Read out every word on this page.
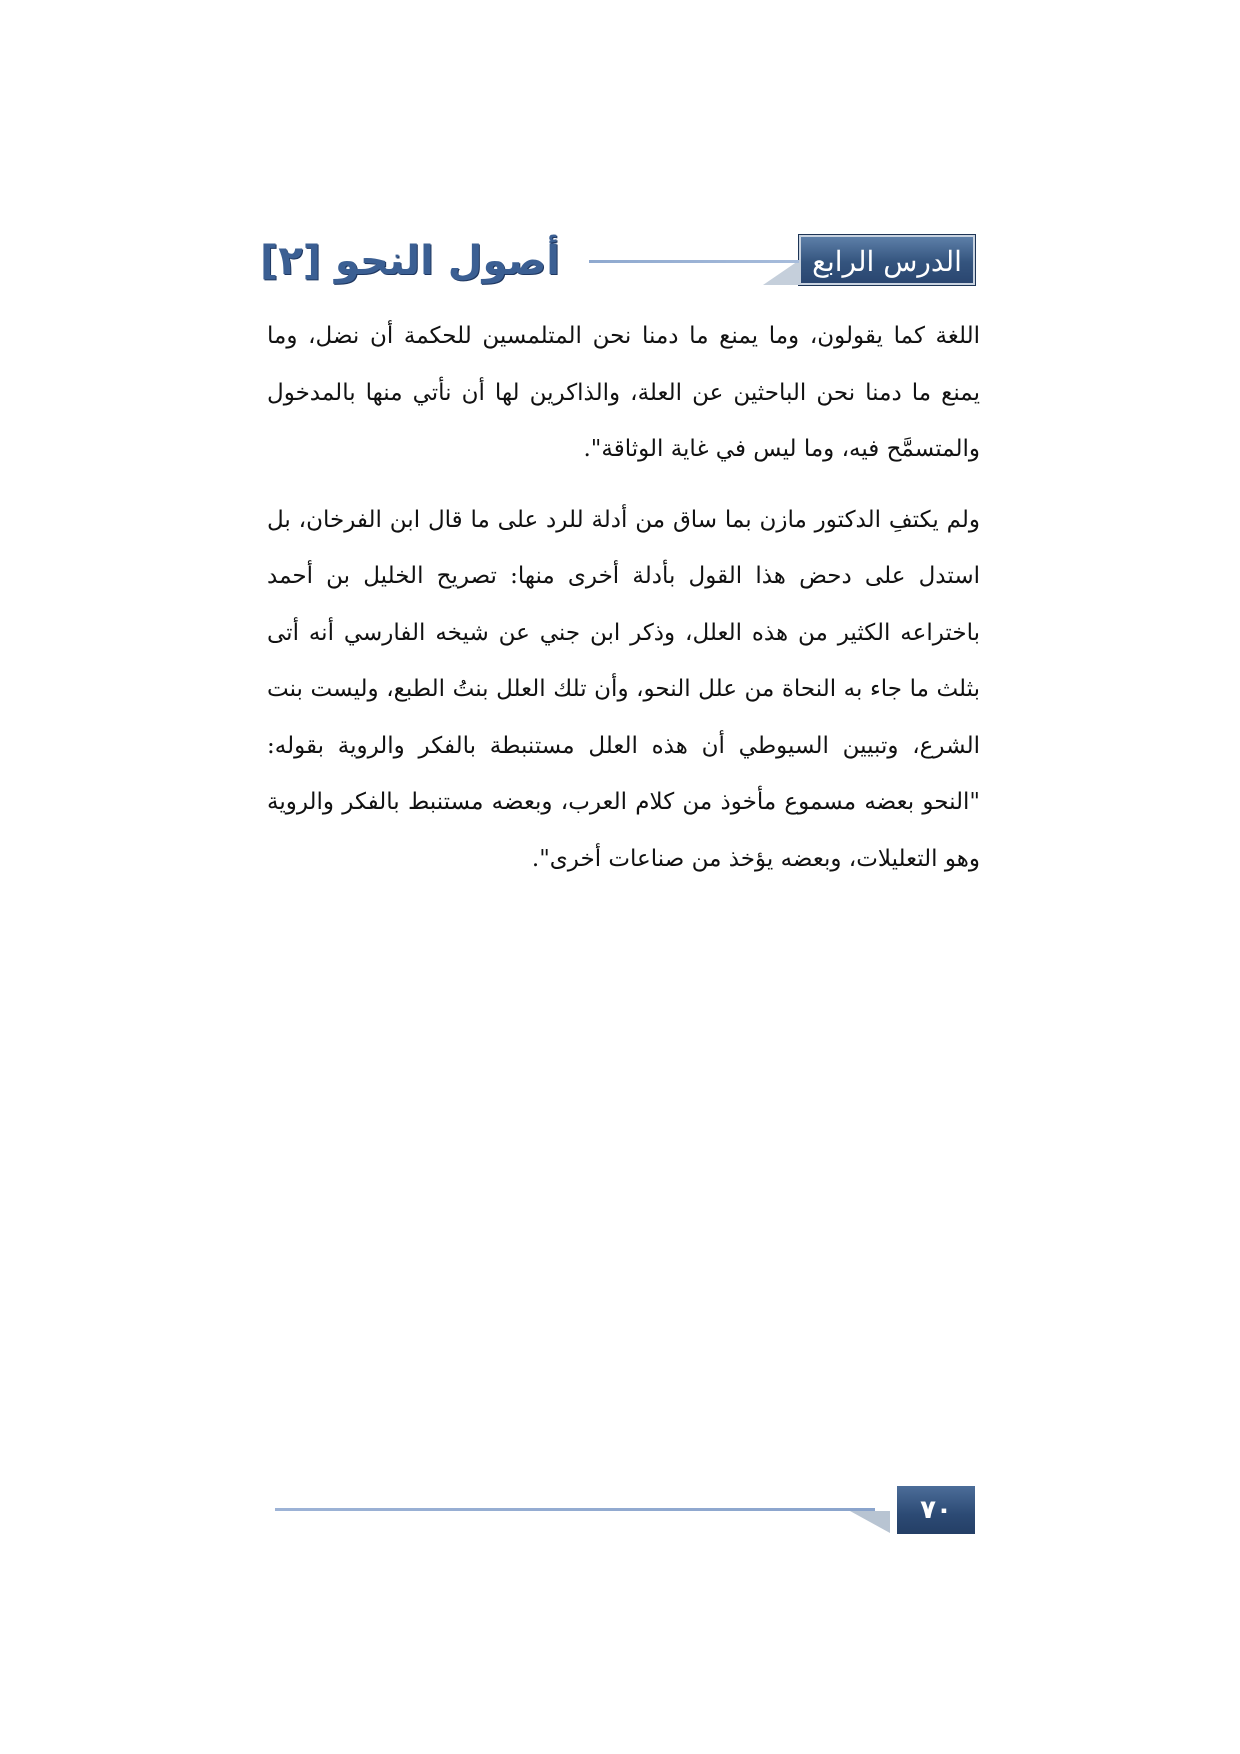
الدرس الرابع
أصول النحو [٢]

اللغة كما يقولون، وما يمنع ما دمنا نحن المتلمسين للحكمة أن نضل، وما يمنع ما دمنا نحن الباحثين عن العلة، والذاكرين لها أن نأتي منها بالمدخول والمتسمَّح فيه، وما ليس في غاية الوثاقة".

ولم يكتفِ الدكتور مازن بما ساق من أدلة للرد على ما قال ابن الفرخان، بل استدل على دحض هذا القول بأدلة أخرى منها: تصريح الخليل بن أحمد باختراعه الكثير من هذه العلل، وذكر ابن جني عن شيخه الفارسي أنه أتى بثلث ما جاء به النحاة من علل النحو، وأن تلك العلل بنتُ الطبع، وليست بنت الشرع، وتبيين السيوطي أن هذه العلل مستنبطة بالفكر والروية بقوله: "النحو بعضه مسموع مأخوذ من كلام العرب، وبعضه مستنبط بالفكر والروية وهو التعليلات، وبعضه يؤخذ من صناعات أخرى".

٧٠
